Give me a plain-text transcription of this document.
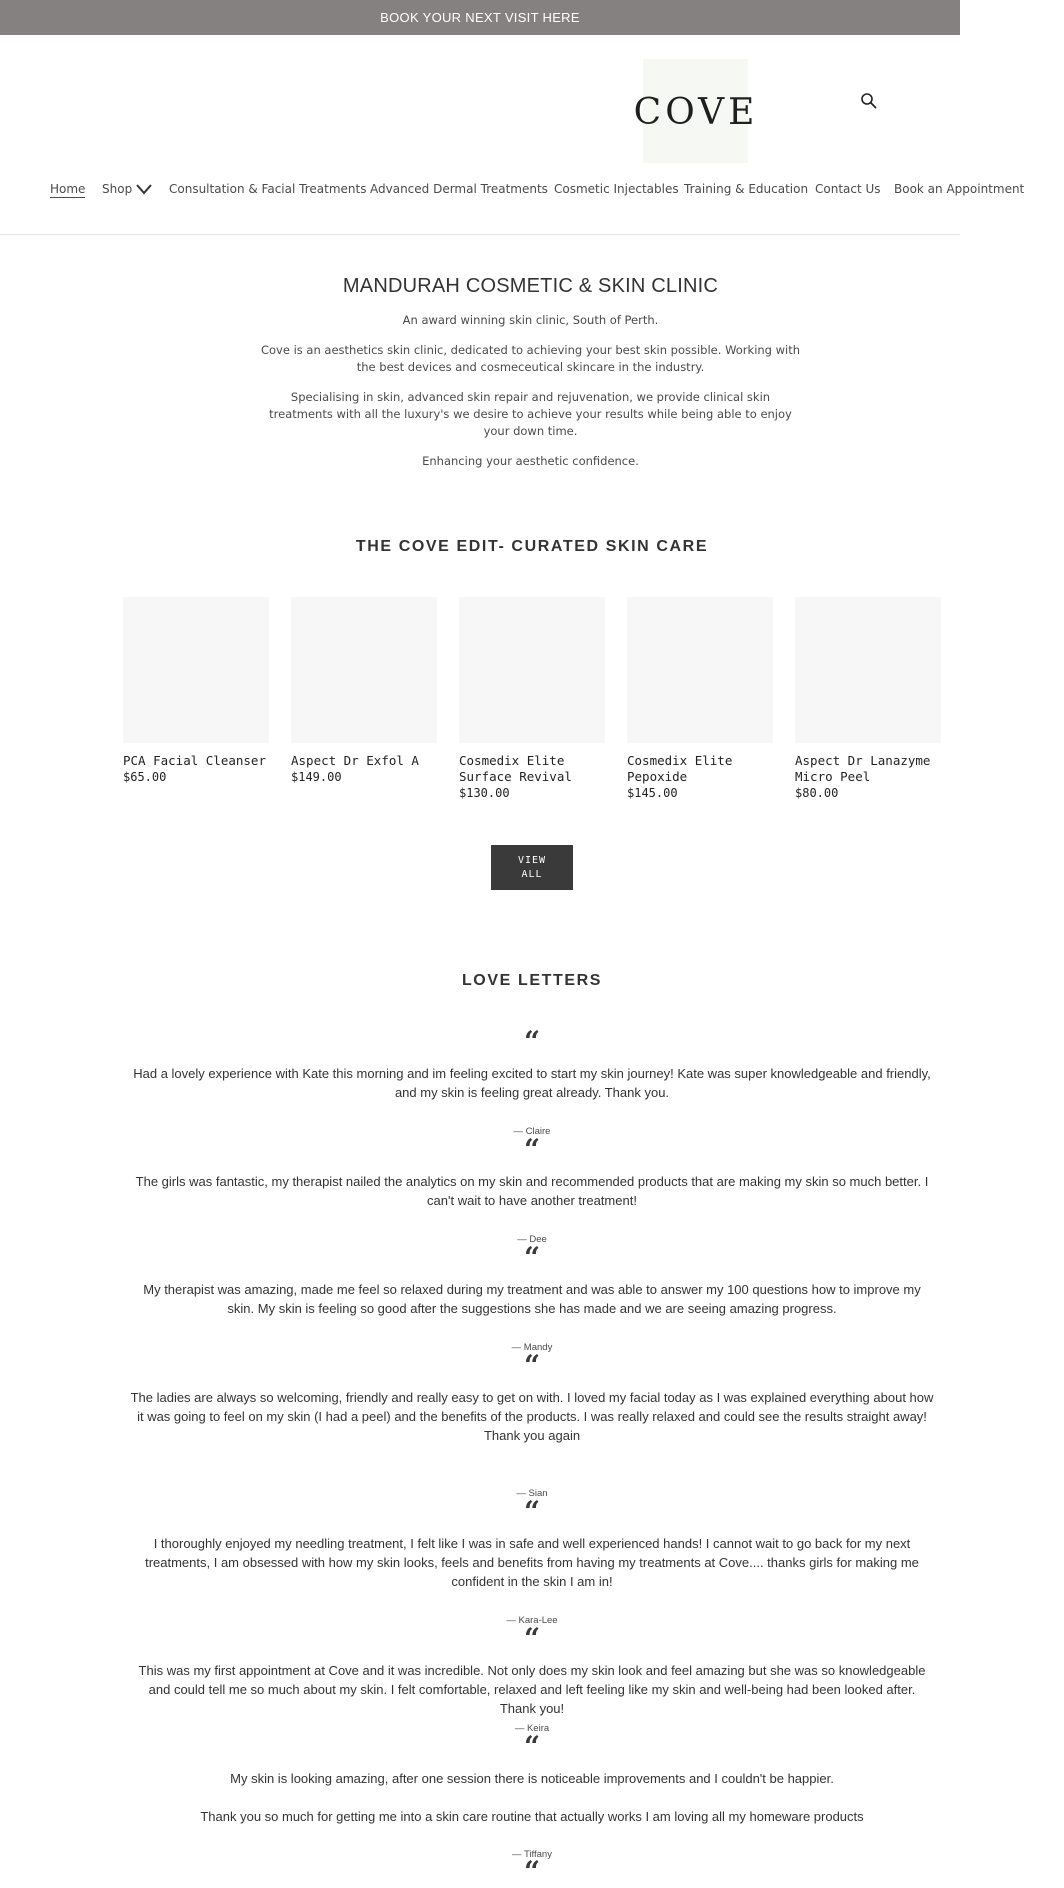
BOOK YOUR NEXT VISIT HERE
COVE
Home Shop	Consultation & Facial Treatments Advanced Dermal Treatments Cosmetic Injectables Training & Education Contact Us Book an Appointment
MANDURAH COSMETIC & SKIN CLINIC

An award winning skin clinic, South of Perth.

Cove is an aesthetics skin clinic, dedicated to achieving your best skin possible. Working with the best devices and cosmeceutical skincare in the industry.

Specialising in skin, advanced skin repair and rejuvenation, we provide clinical skin treatments with all the luxury's we desire to achieve your results while being able to enjoy your down time.

Enhancing your aesthetic confidence.

THE COVE EDIT- CURATED SKIN CARE
PCA Facial Cleanser
$65.00
Aspect Dr Exfol A
$149.00
Cosmedix Elite Surface Revival
$130.00
Cosmedix Elite Pepoxide
$145.00
Aspect Dr Lanazyme Micro Peel
$80.00
VIEW ALL
LOVE LETTERS
“

Had a lovely experience with Kate this morning and im feeling excited to start my skin journey! Kate was super knowledgeable and friendly, and my skin is feeling great already. Thank you.

— Claire
“

The girls was fantastic, my therapist nailed the analytics on my skin and recommended products that are making my skin so much better. I can't wait to have another treatment!

— Dee
“

My therapist was amazing, made me feel so relaxed during my treatment and was able to answer my 100 questions how to improve my skin. My skin is feeling so good after the suggestions she has made and we are seeing amazing progress.

— Mandy
“

The ladies are always so welcoming, friendly and really easy to get on with. I loved my facial today as I was explained everything about how it was going to feel on my skin (I had a peel) and the benefits of the products. I was really relaxed and could see the results straight away! Thank you again

— Sian
“

I thoroughly enjoyed my needling treatment, I felt like I was in safe and well experienced hands! I cannot wait to go back for my next treatments, I am obsessed with how my skin looks, feels and benefits from having my treatments at Cove.... thanks girls for making me confident in the skin I am in!

— Kara-Lee
“

This was my first appointment at Cove and it was incredible. Not only does my skin look and feel amazing but she was so knowledgeable and could tell me so much about my skin. I felt comfortable, relaxed and left feeling like my skin and well-being had been looked after. Thank you!

— Keira
“

My skin is looking amazing, after one session there is noticeable improvements and I couldn't be happier.

Thank you so much for getting me into a skin care routine that actually works I am loving all my homeware products

— Tiffany
“
